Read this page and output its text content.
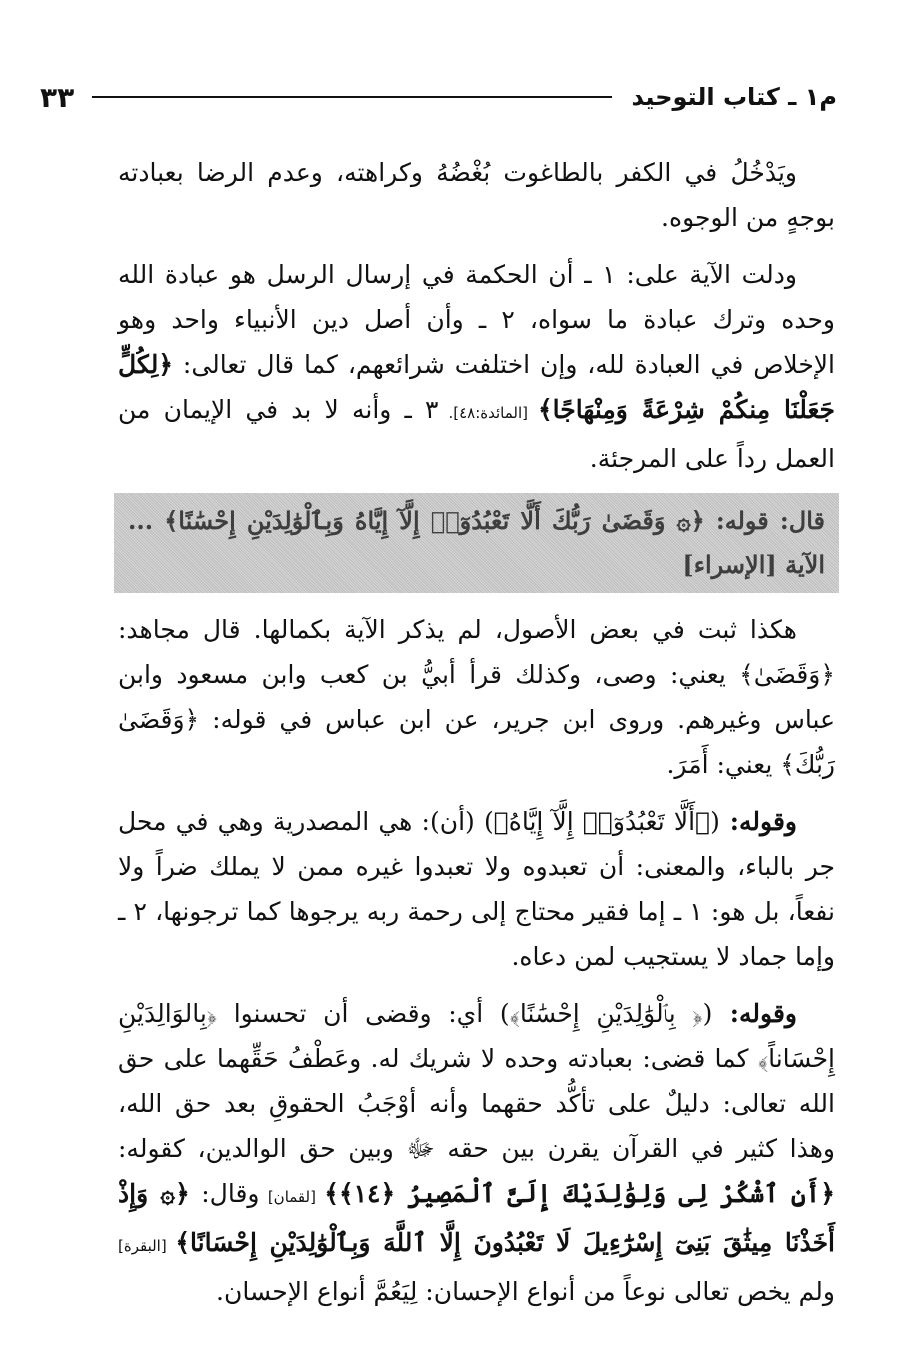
م١ ـ كتاب التوحيد
٣٣

ويَدْخُلُ في الكفر بالطاغوت بُغْضُهُ وكراهته، وعدم الرضا بعبادته بوجهٍ من الوجوه.

ودلت الآية على: ١ ـ أن الحكمة في إرسال الرسل هو عبادة الله وحده وترك عبادة ما سواه، ٢ ـ وأن أصل دين الأنبياء واحد وهو الإخلاص في العبادة لله، وإن اختلفت شرائعهم، كما قال تعالى: ﴿لِكُلٍّ جَعَلْنَا مِنكُمْ شِرْعَةً وَمِنْهَاجًا﴾ [المائدة:٤٨]. ٣ ـ وأنه لا بد في الإيمان من العمل رداً على المرجئة.

قال: قوله: ﴿۞ وَقَضَىٰ رَبُّكَ أَلَّا تَعْبُدُوٓا۟ إِلَّآ إِيَّاهُ وَبِٱلْوَٰلِدَيْنِ إِحْسَٰنًا﴾ ... الآية [الإسراء]

هكذا ثبت في بعض الأصول، لم يذكر الآية بكمالها. قال مجاهد: ﴿وَقَضَىٰ﴾ يعني: وصى، وكذلك قرأ أبيُّ بن كعب وابن مسعود وابن عباس وغيرهم. وروى ابن جرير، عن ابن عباس في قوله: ﴿وَقَضَىٰ رَبُّكَ﴾ يعني: أَمَرَ.

وقوله: (﴿أَلَّا تَعْبُدُوٓا۟ إِلَّآ إِيَّاهُ﴾) (أن): هي المصدرية وهي في محل جر بالباء، والمعنى: أن تعبدوه ولا تعبدوا غيره ممن لا يملك ضراً ولا نفعاً، بل هو: ١ ـ إما فقير محتاج إلى رحمة ربه يرجوها كما ترجونها، ٢ ـ وإما جماد لا يستجيب لمن دعاه.

وقوله: (﴿ بِٱلْوَٰلِدَيْنِ إِحْسَٰنًا﴾) أي: وقضى أن تحسنوا ﴿بِالوَالِدَيْنِ إِحْسَاناً﴾ كما قضى: بعبادته وحده لا شريك له. وعَطْفُ حَقِّهما على حق الله تعالى: دليلٌ على تأكُّد حقهما وأنه أوْجَبُ الحقوقِ بعد حق الله، وهذا كثير في القرآن يقرن بين حقه ﷻ وبين حق الوالدين، كقوله: ﴿أَنِ ٱشْكُرْ لِى وَلِوَٰلِدَيْكَ إِلَىَّ ٱلْمَصِيرُ ﴿١٤﴾﴾ [لقمان] وقال: ﴿۞ وَإِذْ أَخَذْنَا مِيثَٰقَ بَنِىٓ إِسْرَٰٓءِيلَ لَا تَعْبُدُونَ إِلَّا ٱللَّهَ وَبِٱلْوَٰلِدَيْنِ إِحْسَانًا﴾ [البقرة] ولم يخص تعالى نوعاً من أنواع الإحسان: لِيَعُمَّ أنواع الإحسان.
